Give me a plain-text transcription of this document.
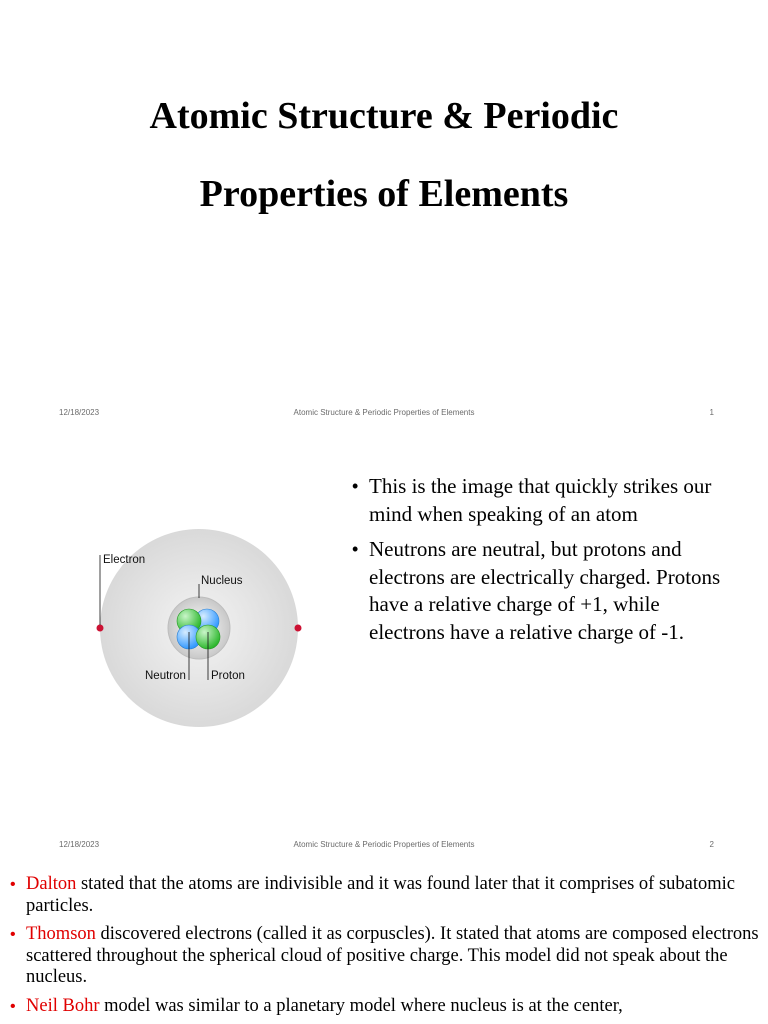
Atomic Structure & Periodic
Properties of Elements
12/18/2023	Atomic Structure & Periodic Properties of Elements	1
Electron
Nucleus
Neutron Proton
• This is the image that quickly strikes our mind when speaking of an atom
• Neutrons are neutral, but protons and electrons are electrically charged. Protons have a relative charge of +1, while electrons have a relative charge of -1.
12/18/2023	Atomic Structure & Periodic Properties of Elements	2
• Dalton stated that the atoms are indivisible and it was found later that it comprises of subatomic particles.
• Thomson discovered electrons (called it as corpuscles). It stated that atoms are composed electrons scattered throughout the spherical cloud of positive charge. This model did not speak about the nucleus.
• Neil Bohr model was similar to a planetary model where nucleus is at the center,
